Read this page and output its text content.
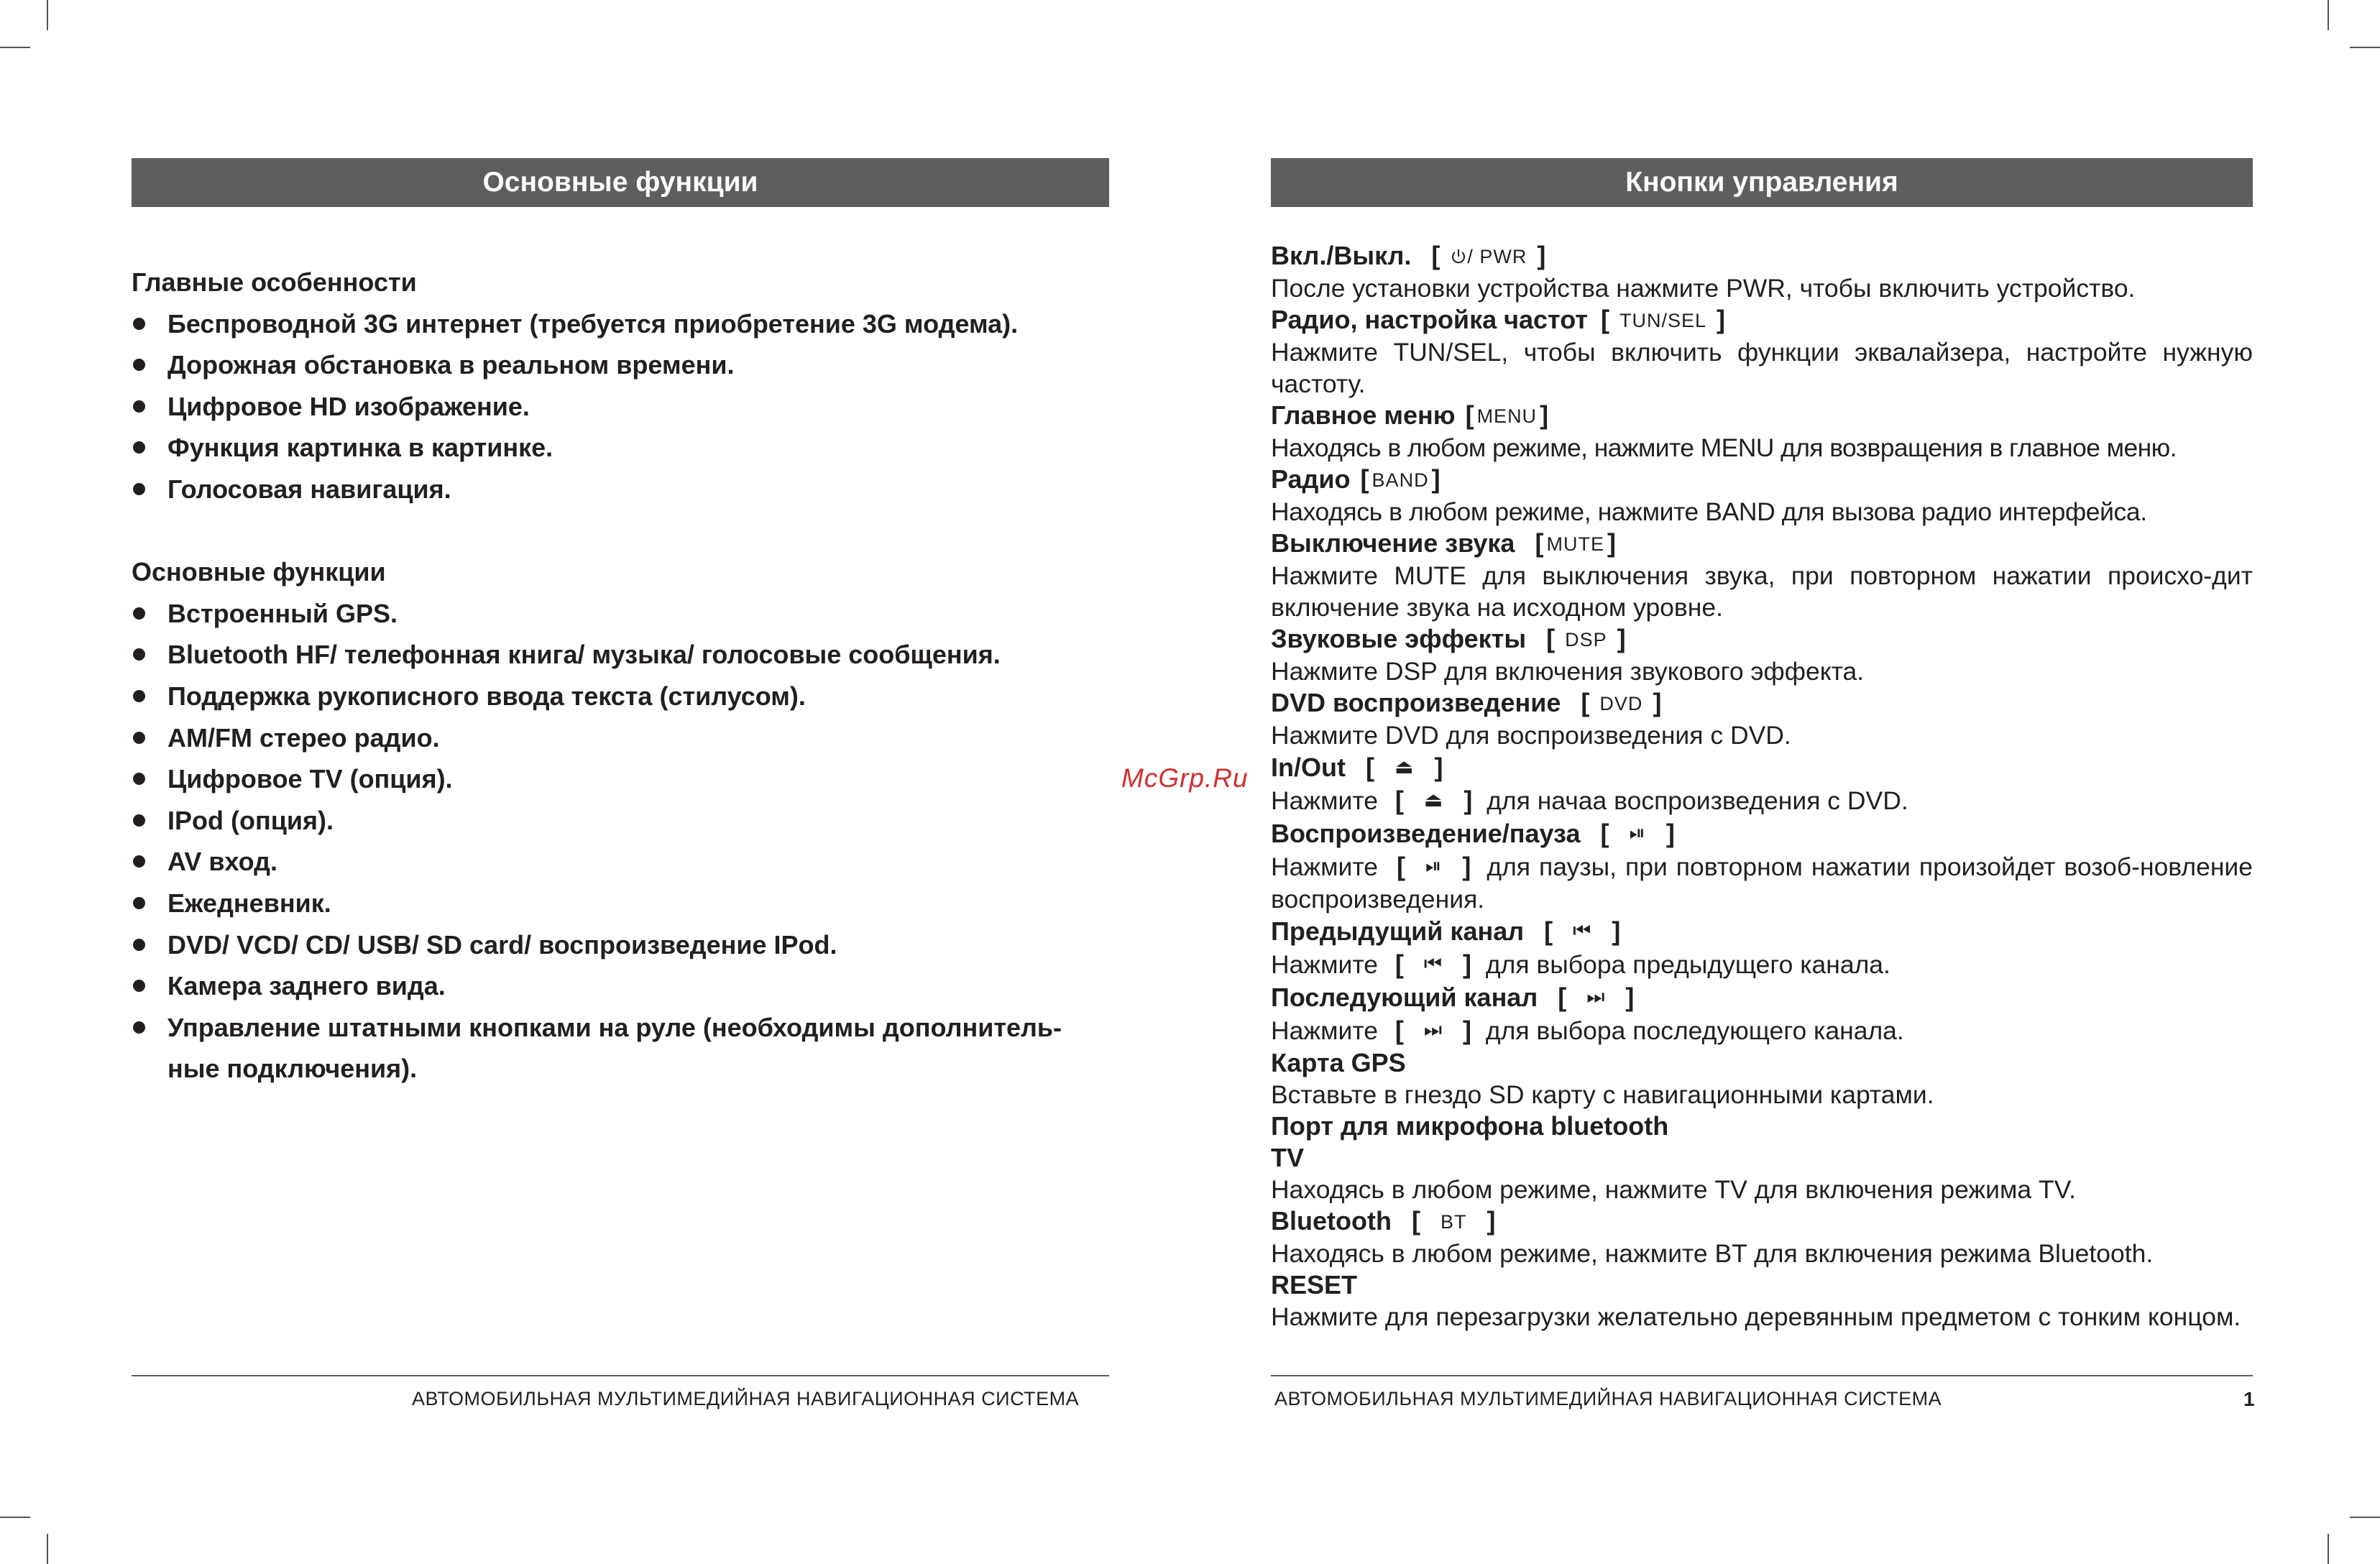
Основные функции
Главные особенности
Беспроводной 3G интернет (требуется приобретение 3G модема).
Дорожная обстановка в реальном времени.
Цифровое HD изображение.
Функция картинка в картинке.
Голосовая навигация.
Основные функции
Встроенный GPS.
Bluetooth HF/ телефонная книга/ музыка/ голосовые сообщения.
Поддержка рукописного ввода текста (стилусом).
AM/FM стерео радио.
Цифровое TV (опция).
IPod (опция).
AV вход.
Ежедневник.
DVD/ VCD/ CD/ USB/ SD card/ воспроизведение IPod.
Камера заднего вида.
Управление штатными кнопками на руле (необходимы дополнитель-ные подключения).
Кнопки управления
Вкл./Выкл. [ / PWR ]
После установки устройства нажмите PWR, чтобы включить устройство.
Радио, настройка частот [ TUN/SEL ]
Нажмите TUN/SEL, чтобы включить функции эквалайзера, настройте нужную частоту.
Главное меню [ MENU ]
Находясь в любом режиме, нажмите MENU для возвращения в главное меню.
Радио [ BAND ]
Находясь в любом режиме, нажмите BAND для вызова радио интерфейса.
Выключение звука [ MUTE ]
Нажмите MUTE для выключения звука, при повторном нажатии происхо-дит включение звука на исходном уровне.
Звуковые эффекты [ DSP ]
Нажмите DSP для включения звукового эффекта.
DVD воспроизведение [ DVD ]
Нажмите DVD для воспроизведения с DVD.
In/Out [ ⏏ ]
Нажмите [ ⏏ ] для начаа воспроизведения с DVD.
Воспроизведение/пауза [ ⏯ ]
Нажмите [ ⏯ ] для паузы, при повторном нажатии произойдет возоб-новление воспроизведения.
Предыдущий канал [ ⏮ ]
Нажмите [ ⏮ ] для выбора предыдущего канала.
Последующий канал [ ⏭ ]
Нажмите [ ⏭ ] для выбора последующего канала.
Карта GPS
Вставьте в гнездо SD карту с навигационными картами.
Порт для микрофона bluetooth
TV
Находясь в любом режиме, нажмите TV для включения режима TV.
Bluetooth [ BT ]
Находясь в любом режиме, нажмите BT для включения режима Bluetooth.
RESET
Нажмите для перезагрузки желательно деревянным предметом с тонким концом.
McGrp.Ru
АВТОМОБИЛЬНАЯ МУЛЬТИМЕДИЙНАЯ НАВИГАЦИОННАЯ СИСТЕМА	АВТОМОБИЛЬНАЯ МУЛЬТИМЕДИЙНАЯ НАВИГАЦИОННАЯ СИСТЕМА	1
